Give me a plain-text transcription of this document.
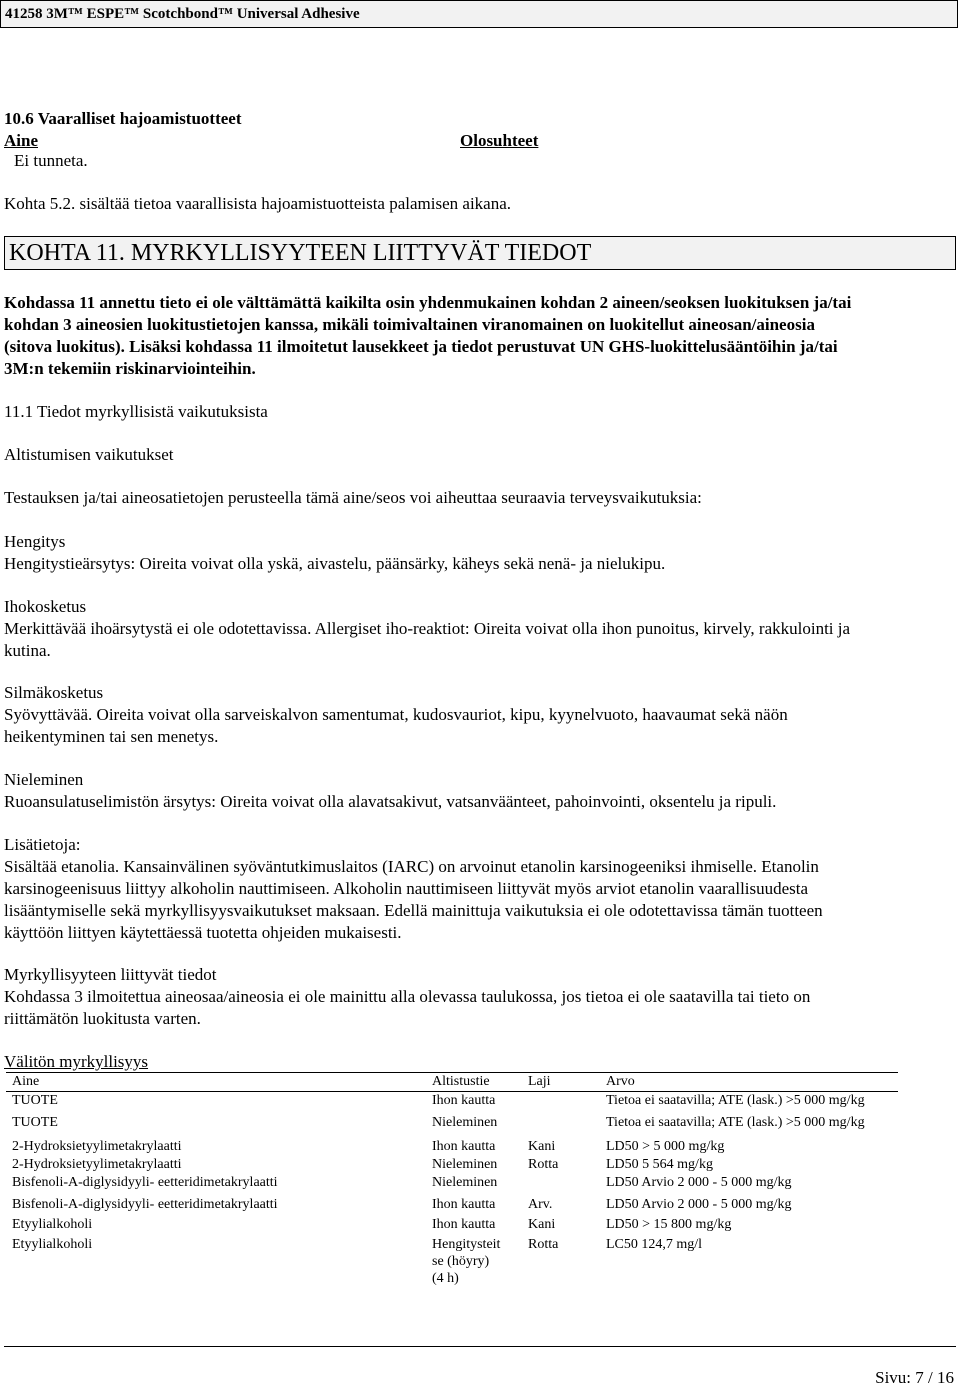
41258 3M™ ESPE™ Scotchbond™ Universal Adhesive
10.6 Vaaralliset hajoamistuotteet
Aine	Olosuhteet
Ei tunneta.
Kohta 5.2. sisältää tietoa vaarallisista hajoamistuotteista palamisen aikana.
KOHTA 11. MYRKYLLISYYTEEN LIITTYVÄT TIEDOT
Kohdassa 11 annettu tieto ei ole välttämättä kaikilta osin yhdenmukainen kohdan 2 aineen/seoksen luokituksen ja/tai
kohdan 3 aineosien luokitustietojen kanssa, mikäli toimivaltainen viranomainen on luokitellut aineosan/aineosia
(sitova luokitus). Lisäksi kohdassa 11 ilmoitetut lausekkeet ja tiedot perustuvat UN GHS-luokittelusääntöihin ja/tai
3M:n tekemiin riskinarviointeihin.
11.1 Tiedot myrkyllisistä vaikutuksista
Altistumisen vaikutukset
Testauksen ja/tai aineosatietojen perusteella tämä aine/seos voi aiheuttaa seuraavia terveysvaikutuksia:
Hengitys
Hengitystieärsytys: Oireita voivat olla yskä, aivastelu, päänsärky, käheys sekä nenä- ja nielukipu.
Ihokosketus
Merkittävää ihoärsytystä ei ole odotettavissa. Allergiset iho-reaktiot: Oireita voivat olla ihon punoitus, kirvely, rakkulointi ja
kutina.
Silmäkosketus
Syövyttävää. Oireita voivat olla sarveiskalvon samentumat, kudosvauriot, kipu, kyynelvuoto, haavaumat sekä näön
heikentyminen tai sen menetys.
Nieleminen
Ruoansulatuselimistön ärsytys: Oireita voivat olla alavatsakivut, vatsanväänteet, pahoinvointi, oksentelu ja ripuli.
Lisätietoja:
Sisältää etanolia. Kansainvälinen syöväntutkimuslaitos (IARC) on arvoinut etanolin karsinogeeniksi ihmiselle. Etanolin
karsinogeenisuus liittyy alkoholin nauttimiseen. Alkoholin nauttimiseen liittyvät myös arviot etanolin vaarallisuudesta
lisääntymiselle sekä myrkyllisyysvaikutukset maksaan. Edellä mainittuja vaikutuksia ei ole odotettavissa tämän tuotteen
käyttöön liittyen käytettäessä tuotetta ohjeiden mukaisesti.
Myrkyllisyyteen liittyvät tiedot
Kohdassa 3 ilmoitettua aineosaa/aineosia ei ole mainittu alla olevassa taulukossa, jos tietoa ei ole saatavilla tai tieto on
riittämätön luokitusta varten.
Välitön myrkyllisyys
Aine	Altistustie	Laji	Arvo
TUOTE	Ihon kautta		Tietoa ei saatavilla; ATE (lask.) >5 000 mg/kg
TUOTE	Nieleminen		Tietoa ei saatavilla; ATE (lask.) >5 000 mg/kg
2-Hydroksietyylimetakrylaatti	Ihon kautta	Kani	LD50 > 5 000 mg/kg
2-Hydroksietyylimetakrylaatti	Nieleminen	Rotta	LD50 5 564 mg/kg
Bisfenoli-A-diglysidyyli- eetteridimetakrylaatti	Nieleminen		LD50 Arvio 2 000 - 5 000 mg/kg
Bisfenoli-A-diglysidyyli- eetteridimetakrylaatti	Ihon kautta	Arv.	LD50 Arvio 2 000 - 5 000 mg/kg
Etyylialkoholi	Ihon kautta	Kani	LD50 > 15 800 mg/kg
Etyylialkoholi	Hengitysteit
se (höyry)
(4 h)	Rotta	LC50 124,7 mg/l
Sivu: 7 / 16
